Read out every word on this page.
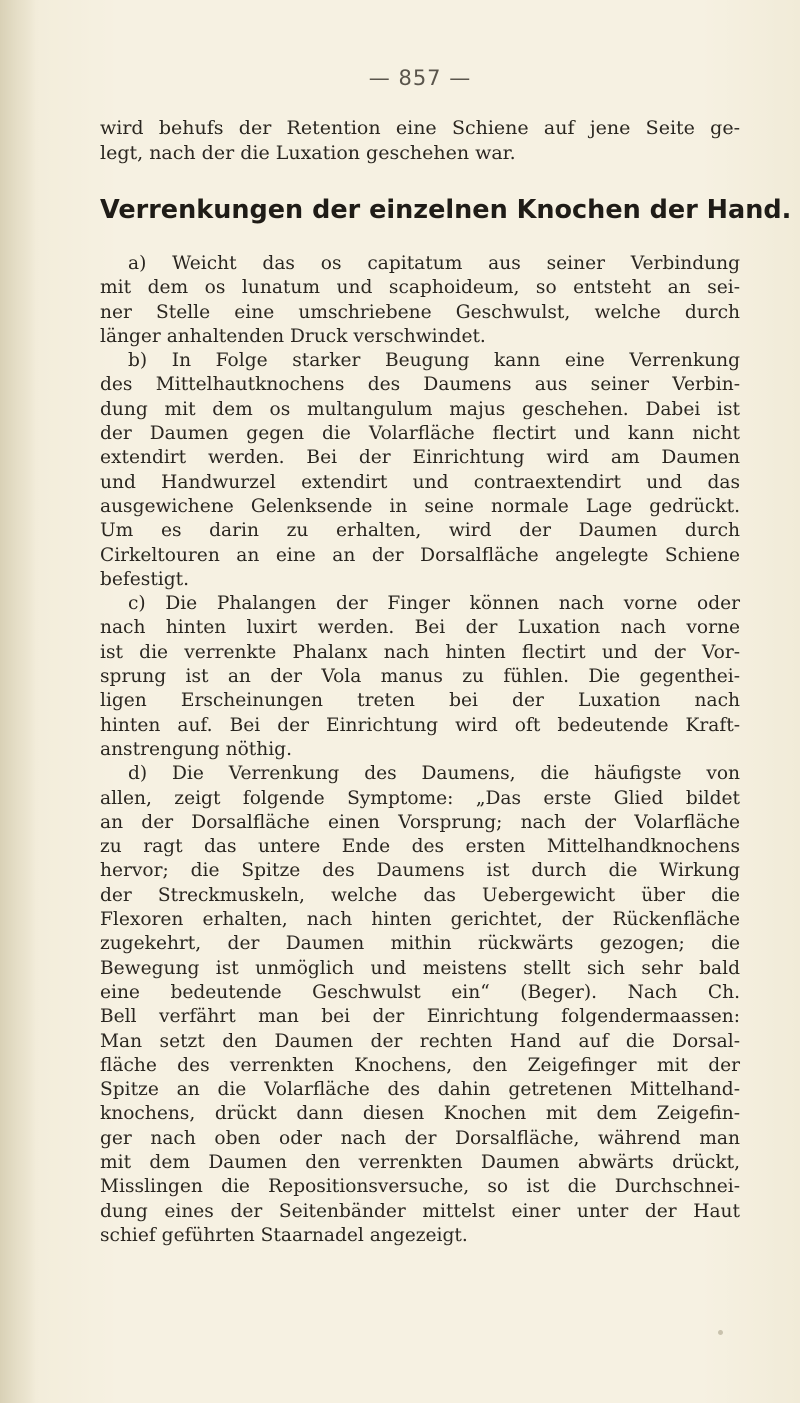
— 857 —
wird behufs der Retention eine Schiene auf jene Seite ge-
legt, nach der die Luxation geschehen war.
Verrenkungen der einzelnen Knochen der Hand.
a) Weicht das os capitatum aus seiner Verbindung
mit dem os lunatum und scaphoideum, so entsteht an sei-
ner Stelle eine umschriebene Geschwulst, welche durch
länger anhaltenden Druck verschwindet.
b) In Folge starker Beugung kann eine Verrenkung
des Mittelhautknochens des Daumens aus seiner Verbin-
dung mit dem os multangulum majus geschehen. Dabei ist
der Daumen gegen die Volarfläche flectirt und kann nicht
extendirt werden. Bei der Einrichtung wird am Daumen
und Handwurzel extendirt und contraextendirt und das
ausgewichene Gelenksende in seine normale Lage gedrückt.
Um es darin zu erhalten, wird der Daumen durch
Cirkeltouren an eine an der Dorsalfläche angelegte Schiene
befestigt.
c) Die Phalangen der Finger können nach vorne oder
nach hinten luxirt werden. Bei der Luxation nach vorne
ist die verrenkte Phalanx nach hinten flectirt und der Vor-
sprung ist an der Vola manus zu fühlen. Die gegenthei-
ligen Erscheinungen treten bei der Luxation nach
hinten auf. Bei der Einrichtung wird oft bedeutende Kraft-
anstrengung nöthig.
d) Die Verrenkung des Daumens, die häufigste von
allen, zeigt folgende Symptome: „Das erste Glied bildet
an der Dorsalfläche einen Vorsprung; nach der Volarfläche
zu ragt das untere Ende des ersten Mittelhandknochens
hervor; die Spitze des Daumens ist durch die Wirkung
der Streckmuskeln, welche das Uebergewicht über die
Flexoren erhalten, nach hinten gerichtet, der Rückenfläche
zugekehrt, der Daumen mithin rückwärts gezogen; die
Bewegung ist unmöglich und meistens stellt sich sehr bald
eine bedeutende Geschwulst ein“ (Beger). Nach Ch.
Bell verfährt man bei der Einrichtung folgendermaassen:
Man setzt den Daumen der rechten Hand auf die Dorsal-
fläche des verrenkten Knochens, den Zeigefinger mit der
Spitze an die Volarfläche des dahin getretenen Mittelhand-
knochens, drückt dann diesen Knochen mit dem Zeigefin-
ger nach oben oder nach der Dorsalfläche, während man
mit dem Daumen den verrenkten Daumen abwärts drückt,
Misslingen die Repositionsversuche, so ist die Durchschnei-
dung eines der Seitenbänder mittelst einer unter der Haut
schief geführten Staarnadel angezeigt.
